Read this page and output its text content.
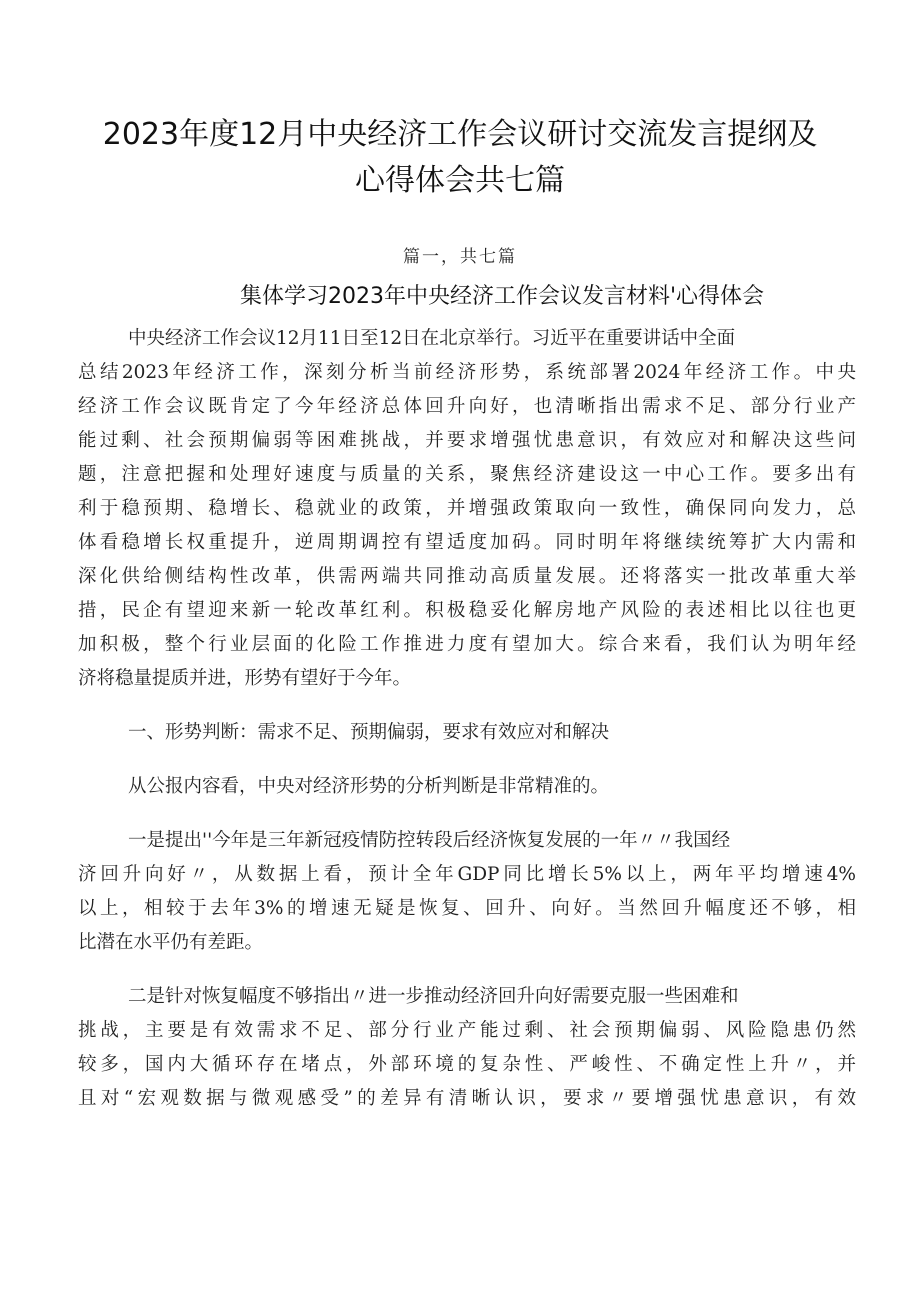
2023年度12月中央经济工作会议研讨交流发言提纲及
心得体会共七篇
篇一，共七篇
集体学习2023年中央经济工作会议发言材料'心得体会
中央经济工作会议12月11日至12日在北京举行。习近平在重要讲话中全面
总结2023年经济工作，深刻分析当前经济形势，系统部署2024年经济工作。中央
经济工作会议既肯定了今年经济总体回升向好，也清晰指出需求不足、部分行业产
能过剩、社会预期偏弱等困难挑战，并要求增强忧患意识，有效应对和解决这些问
题，注意把握和处理好速度与质量的关系，聚焦经济建设这一中心工作。要多出有
利于稳预期、稳增长、稳就业的政策，并增强政策取向一致性，确保同向发力，总
体看稳增长权重提升，逆周期调控有望适度加码。同时明年将继续统筹扩大内需和
深化供给侧结构性改革，供需两端共同推动高质量发展。还将落实一批改革重大举
措，民企有望迎来新一轮改革红利。积极稳妥化解房地产风险的表述相比以往也更
加积极，整个行业层面的化险工作推进力度有望加大。综合来看，我们认为明年经
济将稳量提质并进，形势有望好于今年。
一、形势判断：需求不足、预期偏弱，要求有效应对和解决
从公报内容看，中央对经济形势的分析判断是非常精准的。
一是提出''今年是三年新冠疫情防控转段后经济恢复发展的一年〃〃我国经
济回升向好〃，从数据上看，预计全年GDP同比增长5%以上，两年平均增速4%
以上，相较于去年3%的增速无疑是恢复、回升、向好。当然回升幅度还不够，相
比潜在水平仍有差距。
二是针对恢复幅度不够指出〃进一步推动经济回升向好需要克服一些困难和
挑战，主要是有效需求不足、部分行业产能过剩、社会预期偏弱、风险隐患仍然
较多，国内大循环存在堵点，外部环境的复杂性、严峻性、不确定性上升〃，并
且对“宏观数据与微观感受”的差异有清晰认识，要求〃要增强忧患意识，有效
